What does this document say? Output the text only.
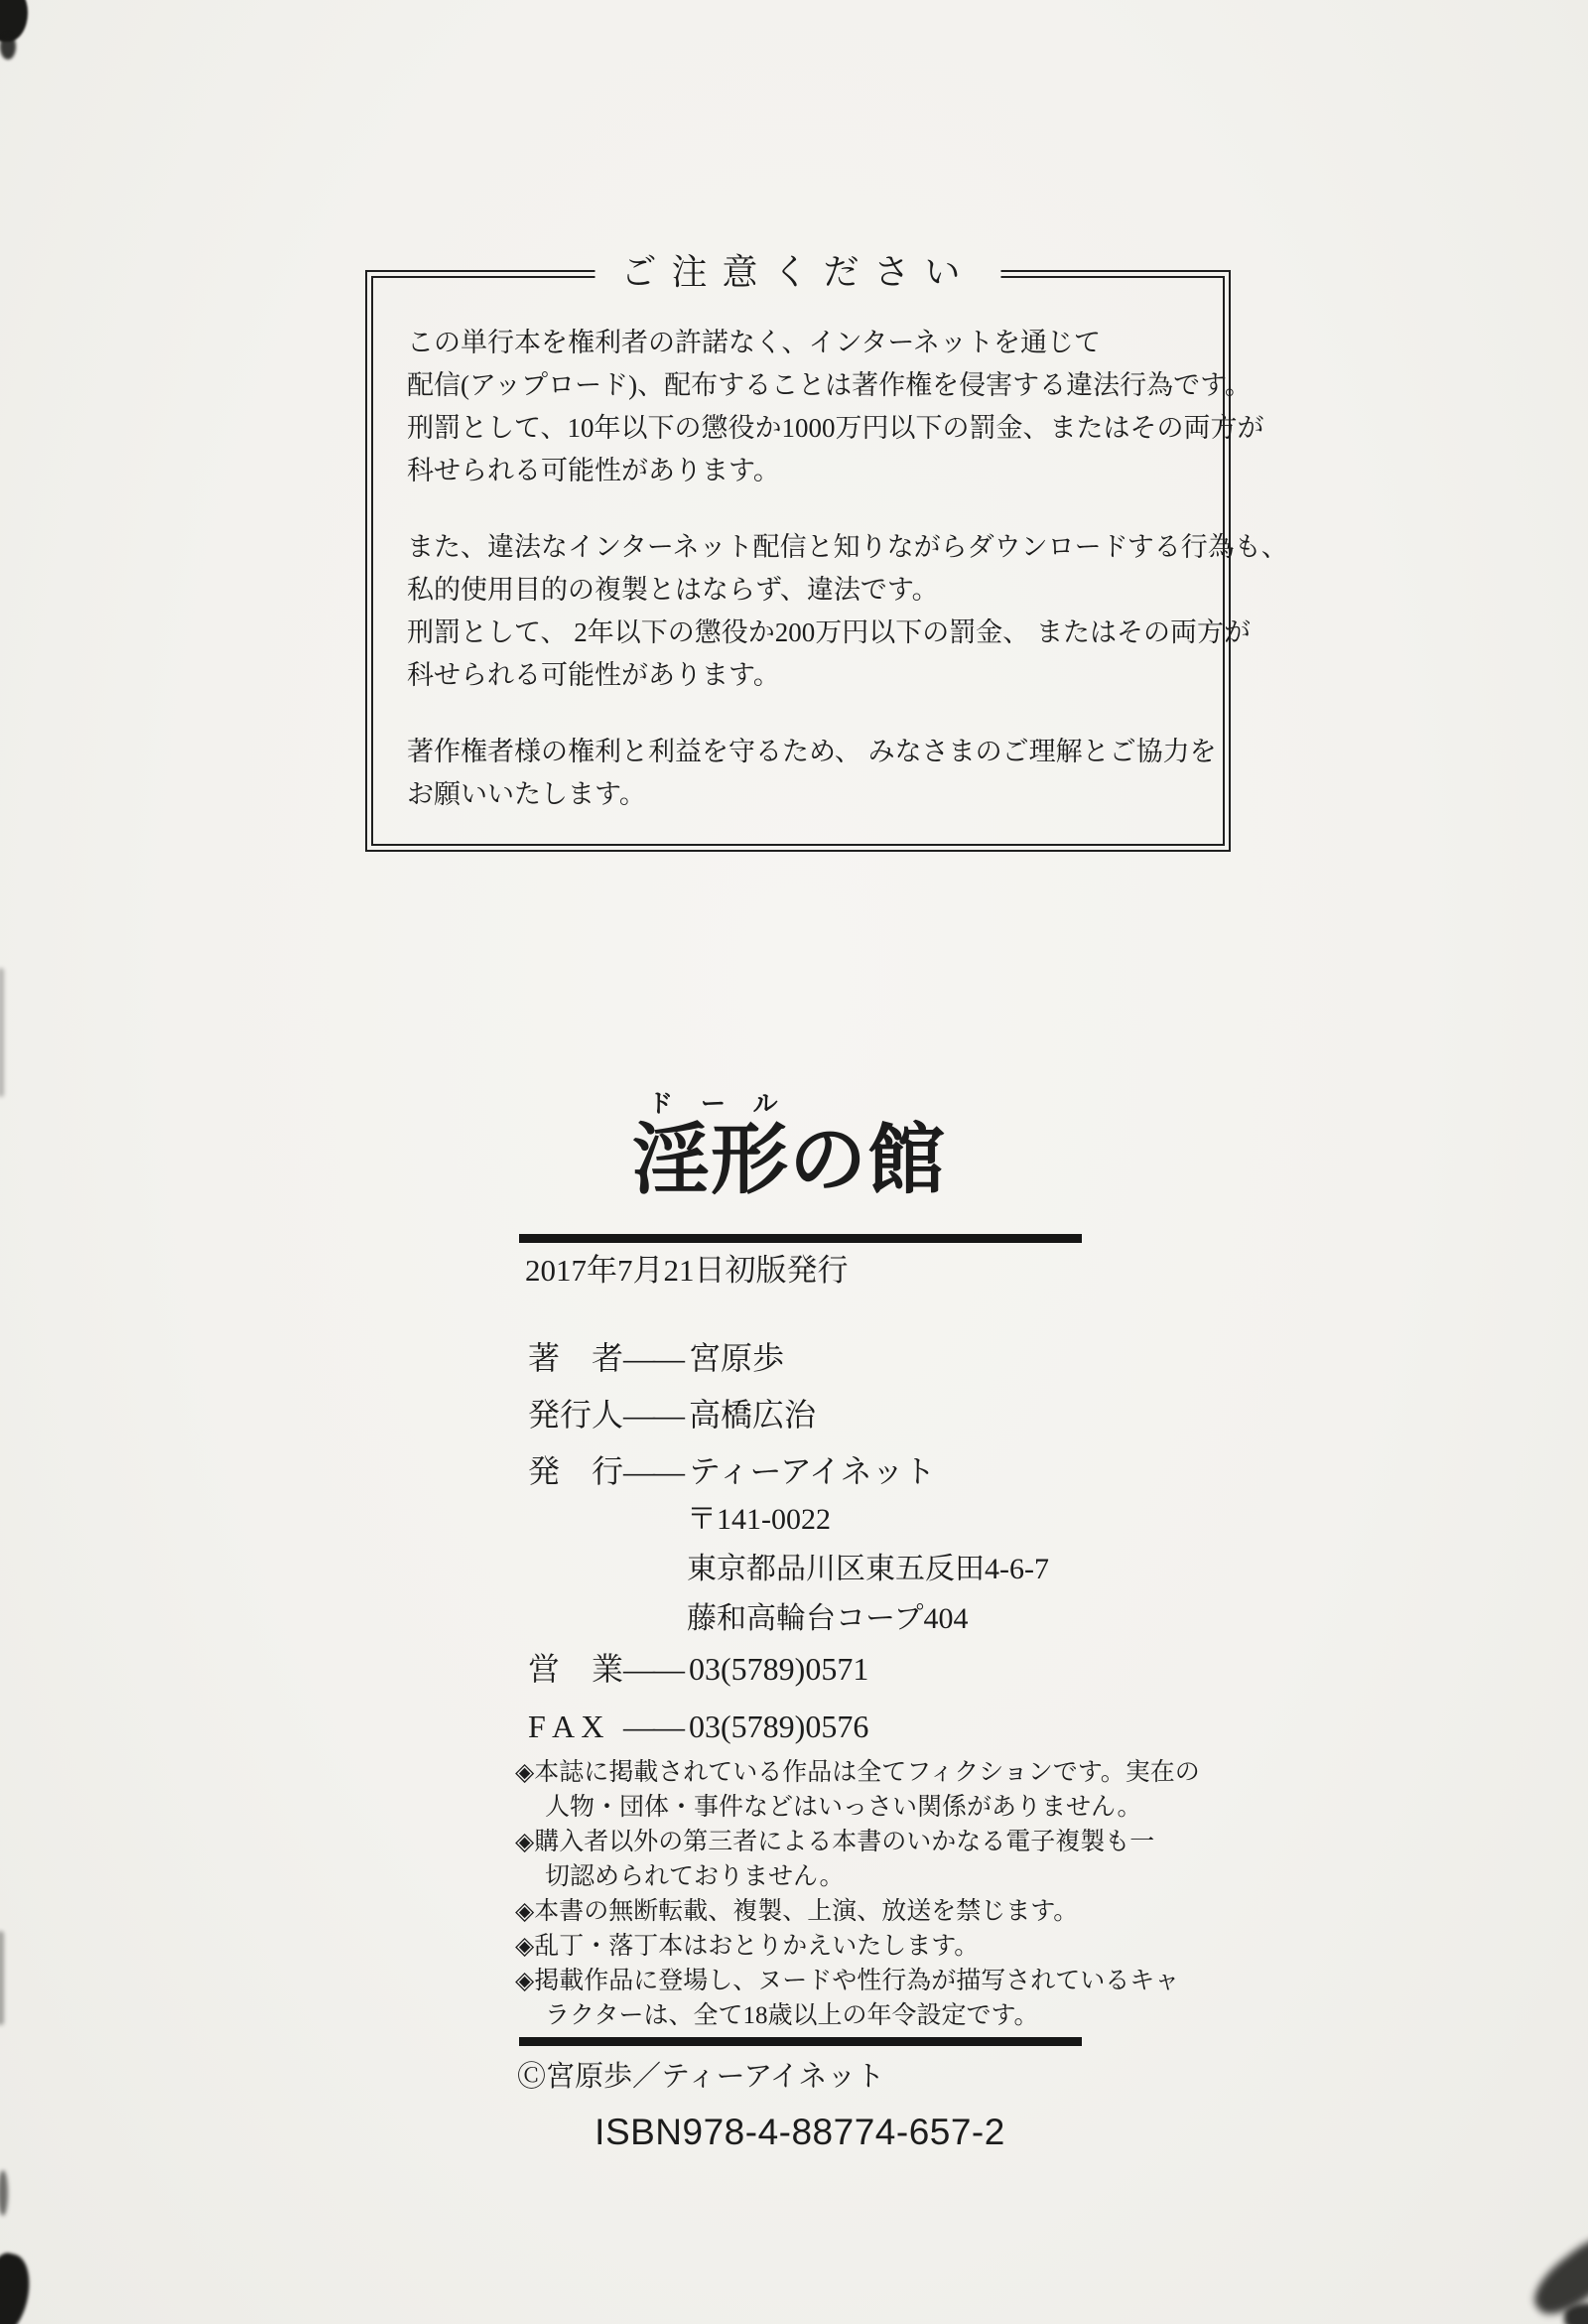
ご注意ください
この単行本を権利者の許諾なく、インターネットを通じて
配信(アップロード)、配布することは著作権を侵害する違法行為です。
刑罰として、10年以下の懲役か1000万円以下の罰金、またはその両方が
科せられる可能性があります。
また、違法なインターネット配信と知りながらダウンロードする行為も、
私的使用目的の複製とはならず、違法です。
刑罰として、 2年以下の懲役か200万円以下の罰金、 またはその両方が
科せられる可能性があります。
著作権者様の権利と利益を守るため、 みなさまのご理解とご協力を
お願いいたします。
ドール
淫形の館
2017年7月21日初版発行
著　者 —— 宮原歩
発行人 —— 高橋広治
発　行 —— ティーアイネット
〒141-0022
東京都品川区東五反田4-6-7
藤和高輪台コープ404
営　業 —— 03(5789)0571
F A X —— 03(5789)0576
◈本誌に掲載されている作品は全てフィクションです。実在の
人物・団体・事件などはいっさい関係がありません。
◈購入者以外の第三者による本書のいかなる電子複製も一
切認められておりません。
◈本書の無断転載、複製、上演、放送を禁じます。
◈乱丁・落丁本はおとりかえいたします。
◈掲載作品に登場し、ヌードや性行為が描写されているキャ
ラクターは、全て18歳以上の年令設定です。
Ⓒ宮原歩／ティーアイネット
ISBN978-4-88774-657-2
